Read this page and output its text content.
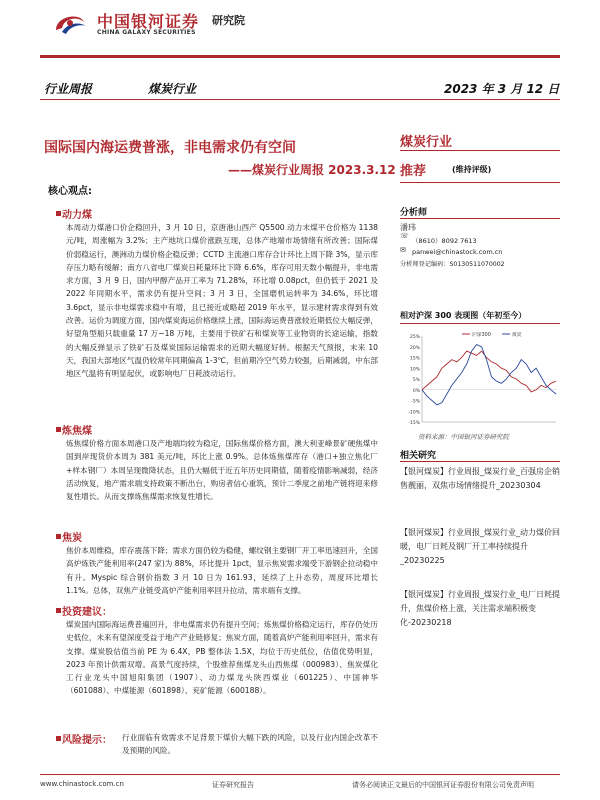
中国银河证券
CHINA GALAXY SECURITIES
研究院
行业周报	煤炭行业	2023 年 3 月 12 日
国际国内海运费普涨，非电需求仍有空间
——煤炭行业周报 2023.3.12
核心观点:
动力煤
本周动力煤港口价企稳回升，3 月 10 日，京唐港山西产 Q5500 动力末煤平仓价格为 1138 元/吨，周涨幅为 3.2%；主产地坑口煤价涨跌互现，总体产地端市场情绪有所改善；国际煤价弱稳运行，澳洲动力煤价格企稳反弹；CCTD 主流港口库存合计环比上周下降 3%，显示库存压力略有缓解；南方八省电厂煤炭日耗量环比下降 6.6%，库存可用天数小幅提升，非电需求方面，3 月 9 日，国内甲醇产品开工率为 71.28%，环比增 0.08pct，但仍低于 2021 及 2022 年同期水平，需求仍有提升空间；3 月 3 日，全国磨机运转率为 34.6%，环比增 3.6pct，显示非电煤需求稳中有增，且已接近或略超 2019 年水平，显示建材需求得到有效改善。运价为调度方面，国内煤炭海运价格继续上涨，国际海运费普涨较近期低位大幅反弹，好望角型船只载重量 17 万~18 万吨，主要用于铁矿石和煤炭等工业物资的长途运输，指数的大幅反弹显示了铁矿石及煤炭国际运输需求的近期大幅度好转。根据天气预报，未来 10 天，我国大部地区气温仍较常年同期偏高 1-3℃，但前期冷空气势力较强，后期减弱，中东部地区气温将有明显起伏，或影响电厂日耗波动运行。
炼焦煤
炼焦煤价格方面本周港口及产地端均较为稳定，国际焦煤价格方面，澳大利亚峰景矿硬焦煤中国到岸现货价本周为 381 美元/吨，环比上涨 0.9%。总体炼焦煤库存（港口+独立焦化厂+样本钢厂）本周呈现微降状态，且仍大幅低于近五年历史同期值，随着疫情影响减弱，经济活动恢复，地产需求端支持政策不断出台，购房者信心重筑，预计二季度之前地产链将迎来修复性增长。从而支撑炼焦煤需求恢复性增长。
焦炭
焦价本周维稳，库存震荡下降；需求方面仍较为稳健，螺纹钢主要钢厂开工率迅速回升，全国高炉炼铁产能利用率(247 家)为 88%，环比提升 1pct，显示焦炭需求端受下游钢企拉动稳中有升。Myspic 综合钢价指数 3 月 10 日为 161.93，延续了上升态势，周度环比增长 1.1%。总体，双焦产业链受高炉产能利用率回升拉动，需求端有支撑。
投资建议：
煤炭国内国际海运费普遍回升，非电煤需求仍有提升空间；炼焦煤价格稳定运行，库存仍处历史低位，未来有望深度受益于地产产业链修复；焦炭方面，随着高炉产能利用率回升，需求有支撑。煤炭股估值当前 PE 为 6.4X，PB 整体法 1.5X，均位于历史低位，估值优势明显，2023 年预计供需双增。高景气度持续，个股推荐焦煤龙头山西焦煤（000983）、焦炭煤化工行业龙头中国旭阳集团（1907）、动力煤龙头陕西煤业（601225）、中国神华（601088）、中煤能源（601898）、兖矿能源（600188）。
风险提示： 行业面临有效需求不足背景下煤价大幅下跌的风险，以及行业内国企改革不及预期的风险。
煤炭行业
推荐	(维持评级)
分析师
潘玮
（8610）8092 7613
☏
✉ panwei@chinastock.com.cn
分析师登记编码：S0130511070002
相对沪深 300 表现图（年初至今）
25%
20%
15%
10%
5%
0%
-5%
-10%
-15%
沪深300	煤炭
资料来源：中国银河证券研究院
相关研究
【银河煤炭】行业周报_煤炭行业_百强房企销售靓丽，双焦市场情绪提升_20230304
【银河煤炭】行业周报_煤炭行业_动力煤价回暖，电厂日耗及钢厂开工率持续提升_20230225
【银河煤炭】行业周报_煤炭行业_电厂日耗提升，焦煤价格上涨，关注需求端积极变化-20230218
www.chinastock.com.cn	证券研究报告	请务必阅读正文最后的中国银河证券股份有限公司免责声明
